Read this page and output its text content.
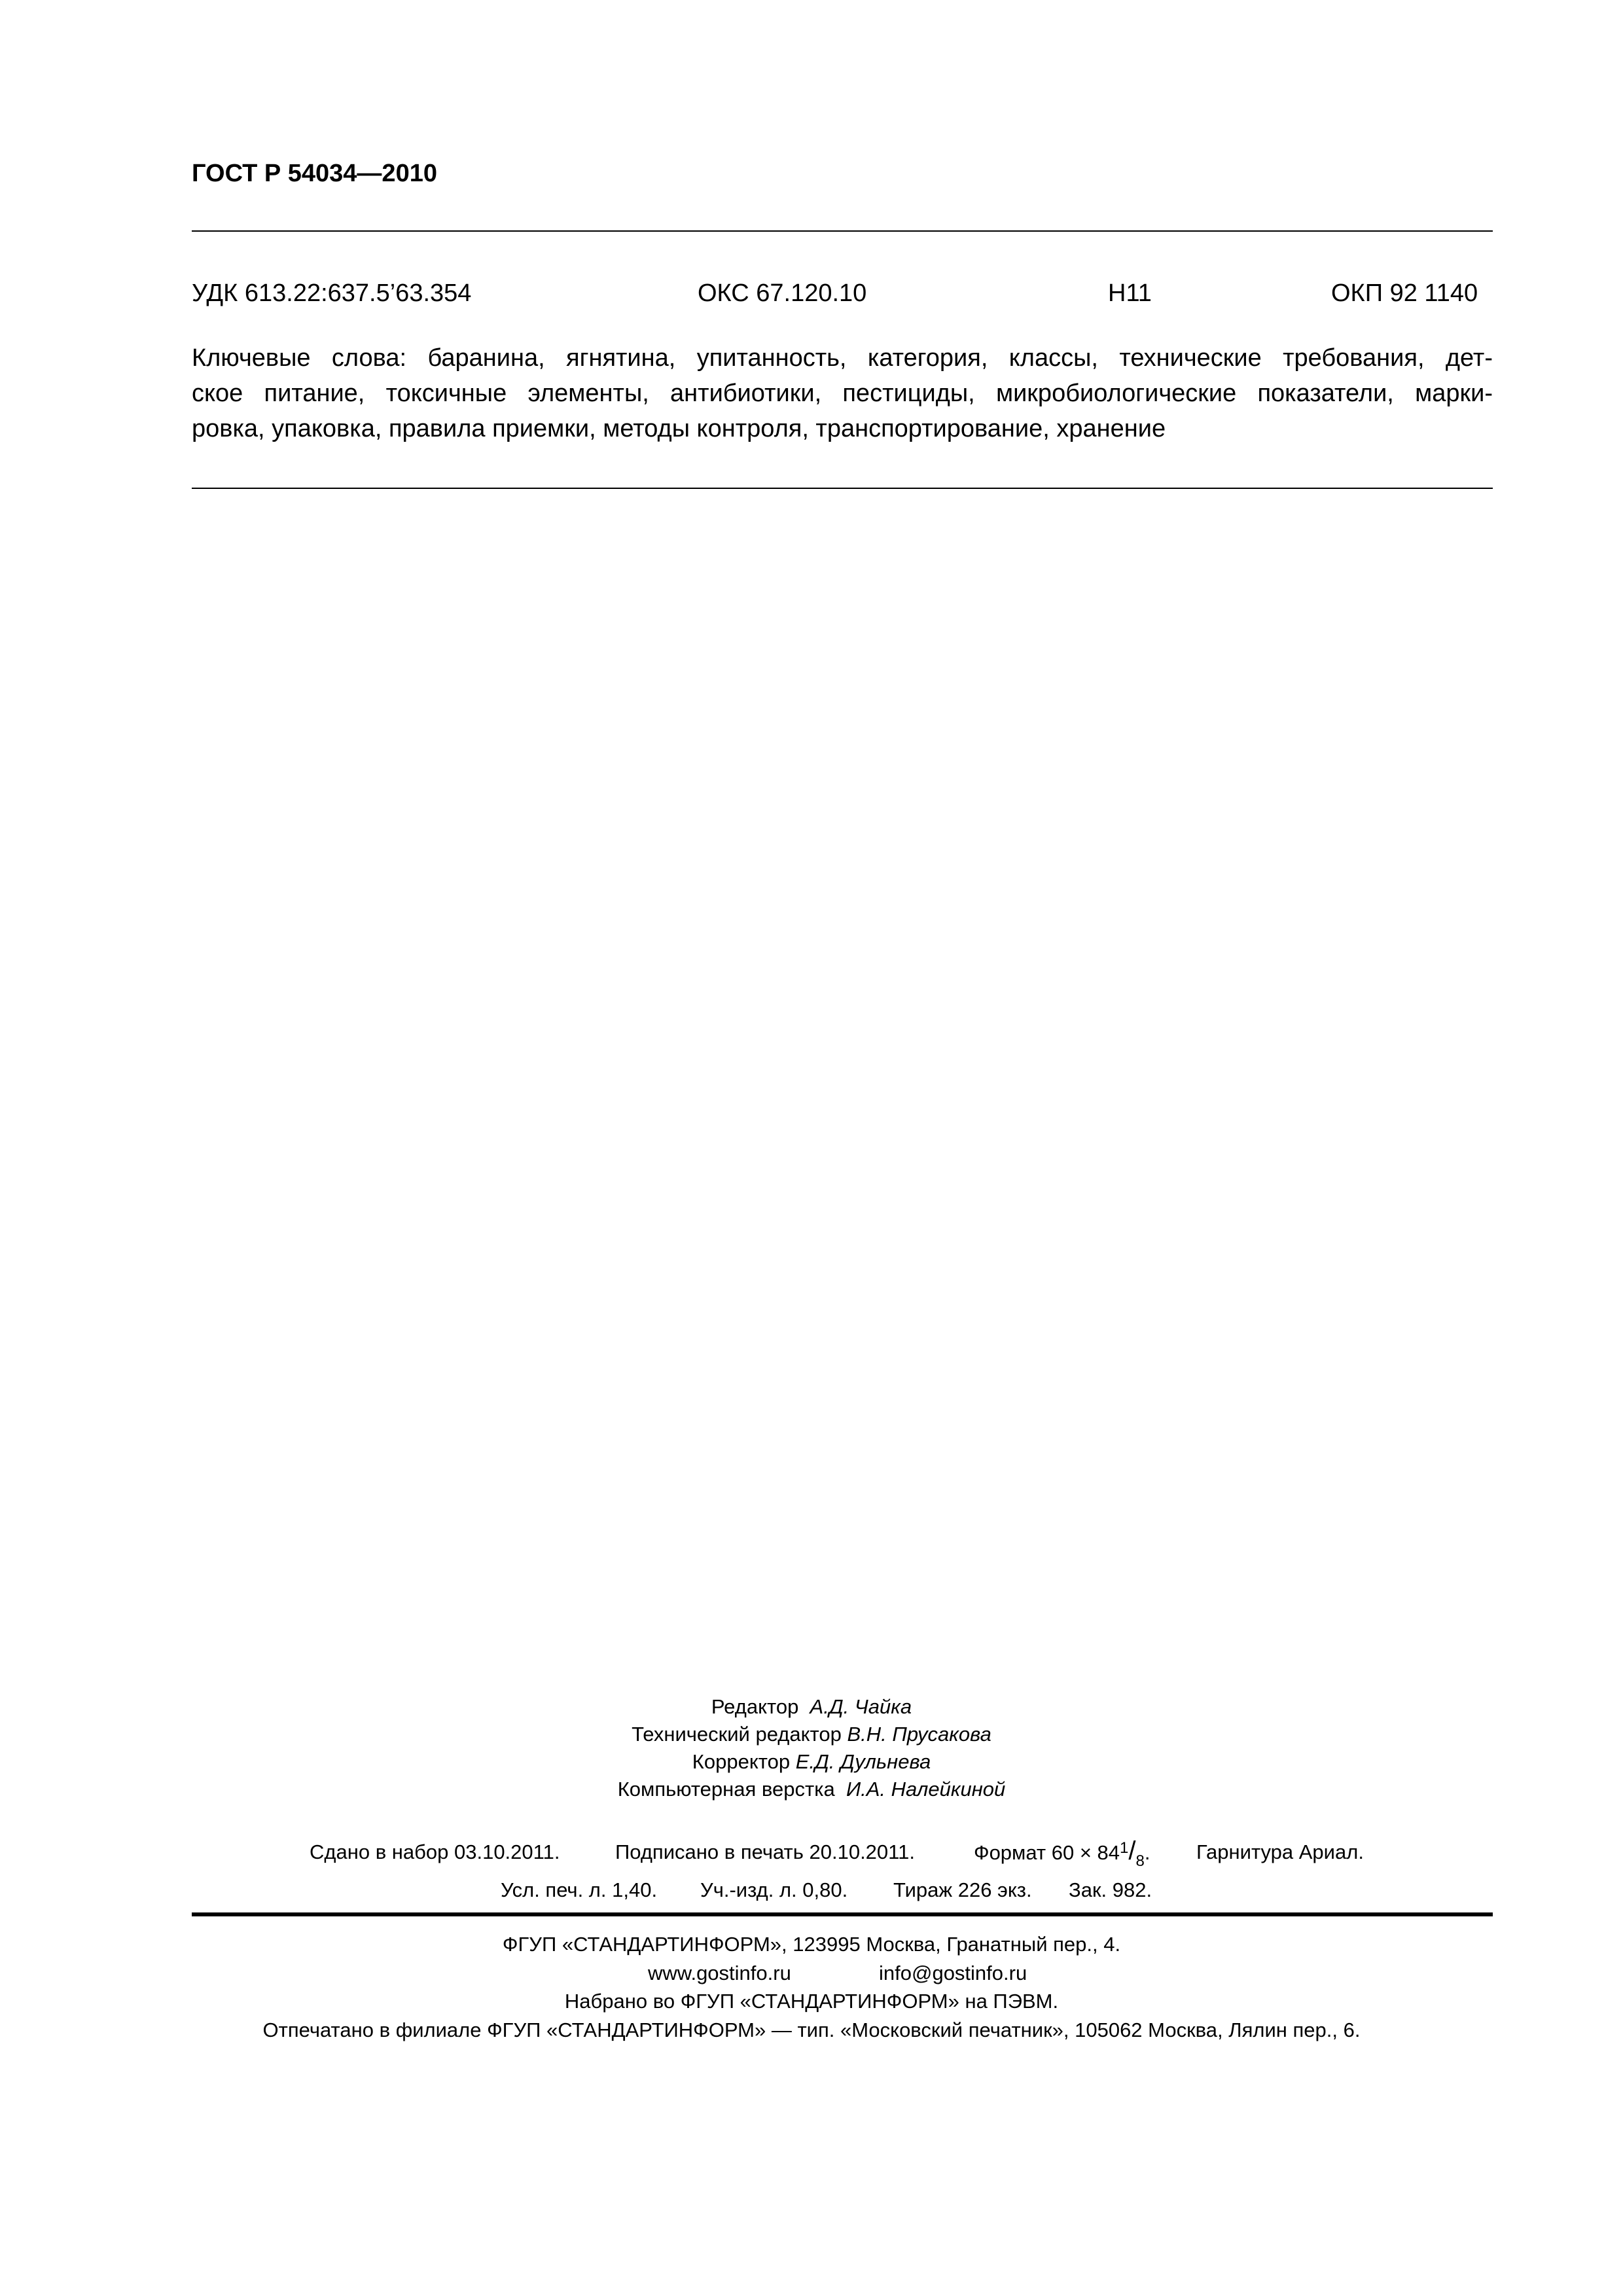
ГОСТ Р 54034—2010
УДК 613.22:637.5’63.354	ОКС 67.120.10	Н11	ОКП 92 1140
Ключевые слова: баранина, ягнятина, упитанность, категория, классы, технические требования, дет-
ское питание, токсичные элементы, антибиотики, пестициды, микробиологические показатели, марки-
ровка, упаковка, правила приемки, методы контроля, транспортирование, хранение
Редактор А.Д. Чайка
Технический редактор В.Н. Прусакова
Корректор Е.Д. Дульнева
Компьютерная верстка И.А. Налейкиной
Сдано в набор 03.10.2011.	Подписано в печать 20.10.2011.	Формат $60 \times 84^1/_8$. Гарнитура Ариал.
Усл. печ. л. 1,40. Уч.-изд. л. 0,80. Тираж 226 экз. Зак. 982.
ФГУП «СТАНДАРТИНФОРМ», 123995 Москва, Гранатный пер., 4.
www.gostinfo.ru	info@gostinfo.ru
Набрано во ФГУП «СТАНДАРТИНФОРМ» на ПЭВМ.
Отпечатано в филиале ФГУП «СТАНДАРТИНФОРМ» — тип. «Московский печатник», 105062 Москва, Лялин пер., 6.
